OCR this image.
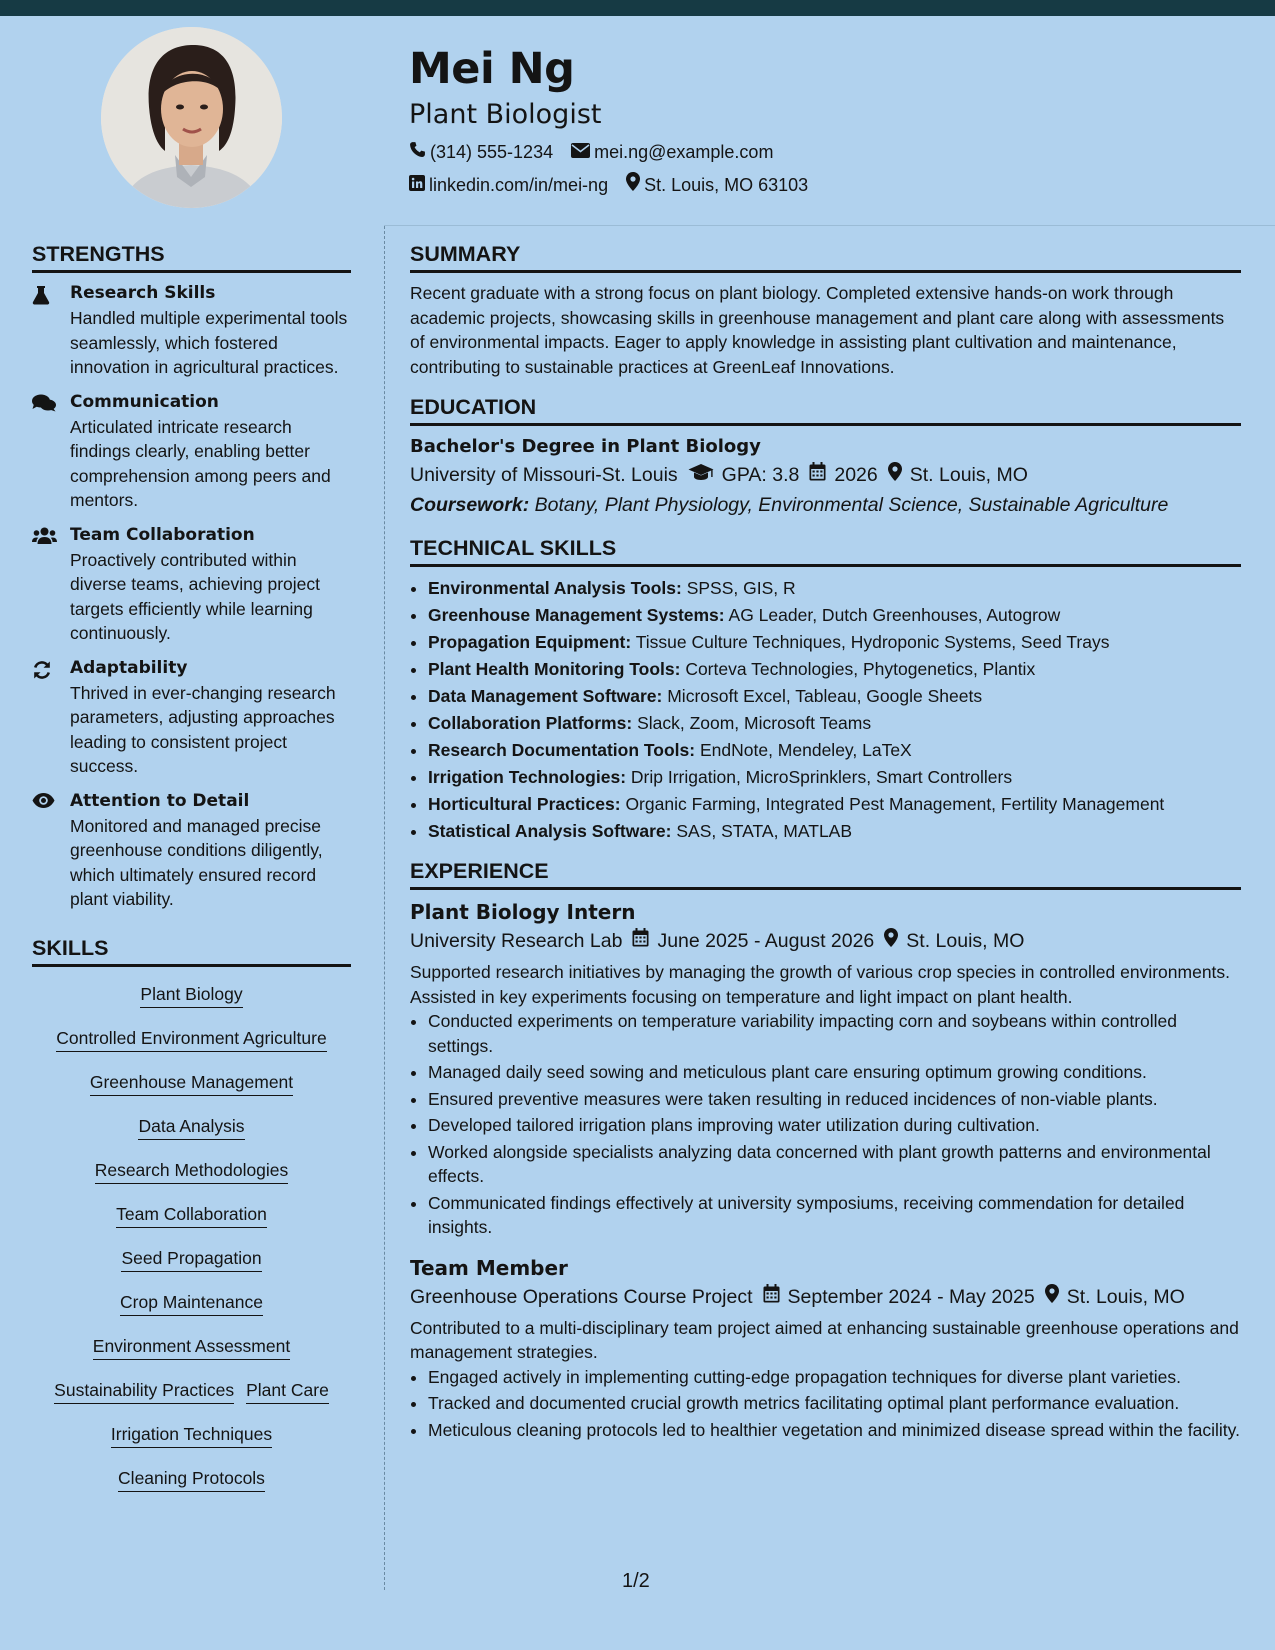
Mei Ng
Plant Biologist
(314) 555-1234 mei.ng@example.com
linkedin.com/in/mei-ng St. Louis, MO 63103
STRENGTHS
Research Skills
Handled multiple experimental tools seamlessly, which fostered innovation in agricultural practices.
Communication
Articulated intricate research findings clearly, enabling better comprehension among peers and mentors.
Team Collaboration
Proactively contributed within diverse teams, achieving project targets efficiently while learning continuously.
Adaptability
Thrived in ever-changing research parameters, adjusting approaches leading to consistent project success.
Attention to Detail
Monitored and managed precise greenhouse conditions diligently, which ultimately ensured record plant viability.
SKILLS
Plant Biology
Controlled Environment Agriculture
Greenhouse Management
Data Analysis
Research Methodologies
Team Collaboration
Seed Propagation
Crop Maintenance
Environment Assessment
Sustainability Practices Plant Care
Irrigation Techniques
Cleaning Protocols
SUMMARY
Recent graduate with a strong focus on plant biology. Completed extensive hands-on work through academic projects, showcasing skills in greenhouse management and plant care along with assessments of environmental impacts. Eager to apply knowledge in assisting plant cultivation and maintenance, contributing to sustainable practices at GreenLeaf Innovations.
EDUCATION
Bachelor's Degree in Plant Biology
University of Missouri-St. Louis GPA: 3.8 2026 St. Louis, MO
Coursework: Botany, Plant Physiology, Environmental Science, Sustainable Agriculture
TECHNICAL SKILLS
• Environmental Analysis Tools: SPSS, GIS, R
• Greenhouse Management Systems: AG Leader, Dutch Greenhouses, Autogrow
• Propagation Equipment: Tissue Culture Techniques, Hydroponic Systems, Seed Trays
• Plant Health Monitoring Tools: Corteva Technologies, Phytogenetics, Plantix
• Data Management Software: Microsoft Excel, Tableau, Google Sheets
• Collaboration Platforms: Slack, Zoom, Microsoft Teams
• Research Documentation Tools: EndNote, Mendeley, LaTeX
• Irrigation Technologies: Drip Irrigation, MicroSprinklers, Smart Controllers
• Horticultural Practices: Organic Farming, Integrated Pest Management, Fertility Management
• Statistical Analysis Software: SAS, STATA, MATLAB
EXPERIENCE
Plant Biology Intern
University Research Lab June 2025 - August 2026 St. Louis, MO
Supported research initiatives by managing the growth of various crop species in controlled environments. Assisted in key experiments focusing on temperature and light impact on plant health.
• Conducted experiments on temperature variability impacting corn and soybeans within controlled settings.
• Managed daily seed sowing and meticulous plant care ensuring optimum growing conditions.
• Ensured preventive measures were taken resulting in reduced incidences of non-viable plants.
• Developed tailored irrigation plans improving water utilization during cultivation.
• Worked alongside specialists analyzing data concerned with plant growth patterns and environmental effects.
• Communicated findings effectively at university symposiums, receiving commendation for detailed insights.
Team Member
Greenhouse Operations Course Project September 2024 - May 2025 St. Louis, MO
Contributed to a multi-disciplinary team project aimed at enhancing sustainable greenhouse operations and management strategies.
• Engaged actively in implementing cutting-edge propagation techniques for diverse plant varieties.
• Tracked and documented crucial growth metrics facilitating optimal plant performance evaluation.
• Meticulous cleaning protocols led to healthier vegetation and minimized disease spread within the facility.
1/2
